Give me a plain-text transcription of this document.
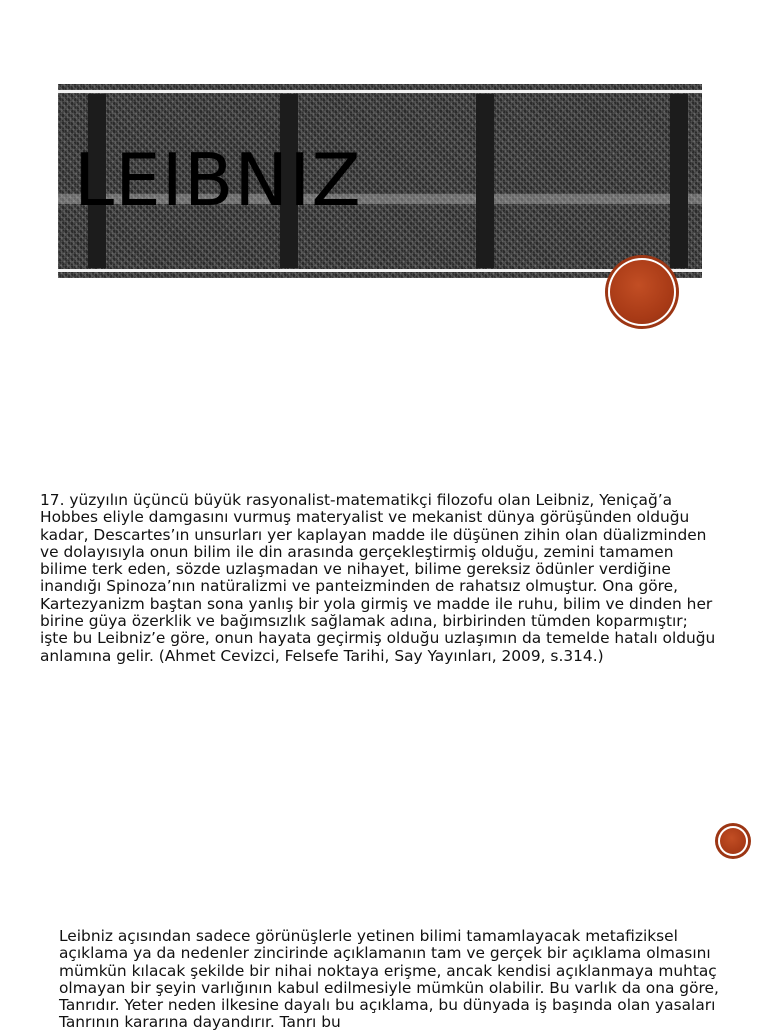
LEIBNIZ

17. yüzyılın üçüncü büyük rasyonalist-matematikçi filozofu olan Leibniz, Yeniçağ’a Hobbes eliyle damgasını vurmuş materyalist ve mekanist dünya görüşünden olduğu kadar, Descartes’ın unsurları yer kaplayan madde ile düşünen zihin olan düalizminden ve dolayısıyla onun bilim ile din arasında gerçekleştirmiş olduğu, zemini tamamen bilime terk eden, sözde uzlaşmadan ve nihayet, bilime gereksiz ödünler verdiğine inandığı Spinoza’nın natüralizmi ve panteizminden de rahatsız olmuştur. Ona göre, Kartezyanizm baştan sona yanlış bir yola girmiş ve madde ile ruhu, bilim ve dinden her birine güya özerklik ve bağımsızlık sağlamak adına, birbirinden tümden koparmıştır; işte bu Leibniz’e göre, onun hayata geçirmiş olduğu uzlaşımın da temelde hatalı olduğu anlamına gelir. (Ahmet Cevizci, Felsefe Tarihi, Say Yayınları, 2009, s.314.)

Leibniz açısından sadece görünüşlerle yetinen bilimi tamamlayacak metafiziksel açıklama ya da nedenler zincirinde açıklamanın tam ve gerçek bir açıklama olmasını mümkün kılacak şekilde bir nihai noktaya erişme, ancak kendisi açıklanmaya muhtaç olmayan bir şeyin varlığının kabul edilmesiyle mümkün olabilir. Bu varlık da ona göre, Tanrıdır. Yeter neden ilkesine dayalı bu açıklama, bu dünyada iş başında olan yasaları Tanrının kararına dayandırır. Tanrı bu
